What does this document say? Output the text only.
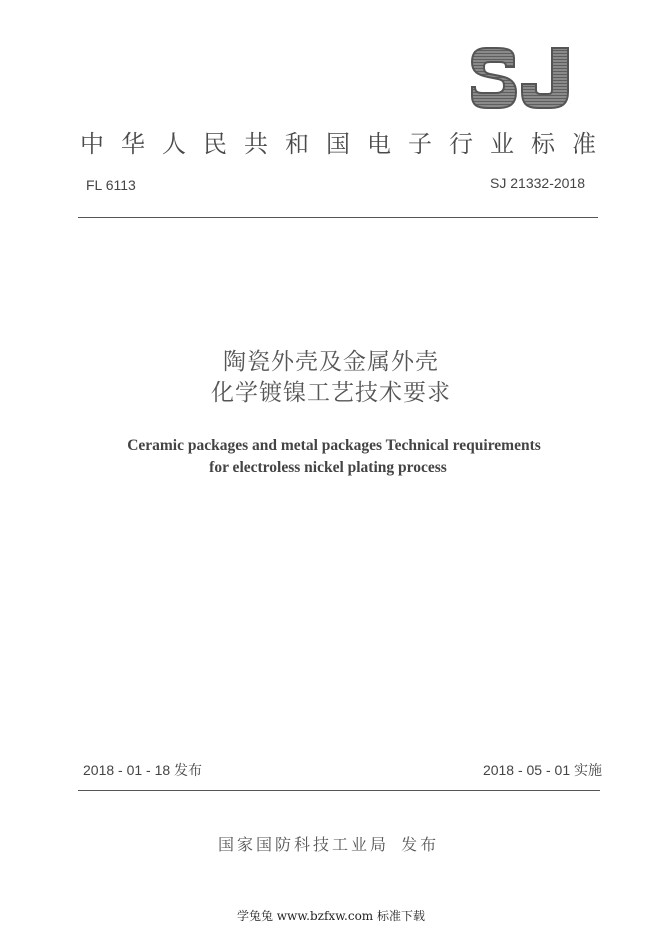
中华人民共和国电子行业标准
FL 6113	SJ 21332-2018
陶瓷外壳及金属外壳
化学镀镍工艺技术要求
Ceramic packages and metal packages Technical requirements
for electroless nickel plating process
2018 - 01 - 18 发布	2018 - 05 - 01 实施
国家国防科技工业局 发布
学兔兔 www.bzfxw.com 标准下载
